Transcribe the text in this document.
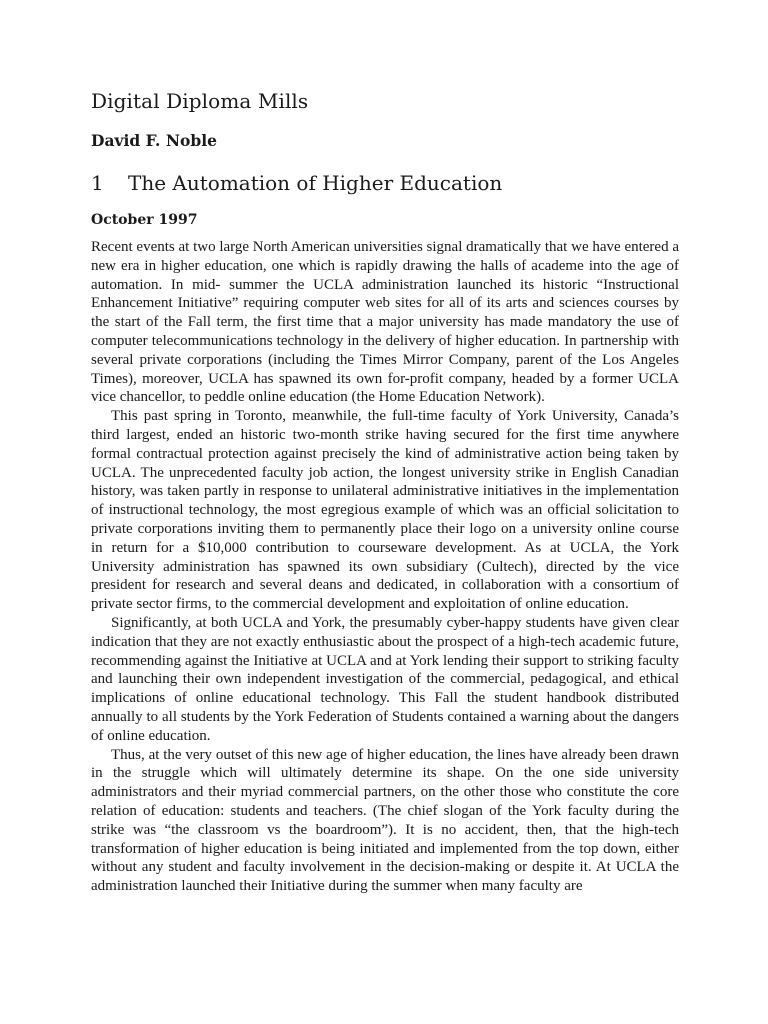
Digital Diploma Mills
David F. Noble
1	The Automation of Higher Education
October 1997

Recent events at two large North American universities signal dramatically that we have entered a new era in higher education, one which is rapidly drawing the halls of academe into the age of automation. In mid- summer the UCLA administration launched its historic “Instructional Enhancement Initiative” requiring computer web sites for all of its arts and sciences courses by the start of the Fall term, the first time that a major university has made mandatory the use of computer telecommunications technology in the delivery of higher education. In partnership with several private corporations (including the Times Mirror Company, parent of the Los Angeles Times), moreover, UCLA has spawned its own for-profit company, headed by a former UCLA vice chancellor, to peddle online education (the Home Education Network).

This past spring in Toronto, meanwhile, the full-time faculty of York University, Canada’s third largest, ended an historic two-month strike having secured for the first time anywhere formal contractual protection against precisely the kind of administrative action being taken by UCLA. The unprecedented faculty job action, the longest university strike in English Canadian history, was taken partly in response to unilateral administrative initiatives in the implementation of instructional technology, the most egregious example of which was an official solicitation to private corporations inviting them to permanently place their logo on a university online course in return for a $10,000 contribution to courseware development. As at UCLA, the York University administration has spawned its own subsidiary (Cultech), directed by the vice president for research and several deans and dedicated, in collaboration with a consortium of private sector firms, to the commercial development and exploitation of online education.

Significantly, at both UCLA and York, the presumably cyber-happy students have given clear indication that they are not exactly enthusiastic about the prospect of a high-tech academic future, recommending against the Initiative at UCLA and at York lending their support to striking faculty and launching their own independent investigation of the commercial, pedagogical, and ethical implications of online educational technology. This Fall the student handbook distributed annually to all students by the York Federation of Students contained a warning about the dangers of online education.

Thus, at the very outset of this new age of higher education, the lines have already been drawn in the struggle which will ultimately determine its shape. On the one side university administrators and their myriad commercial partners, on the other those who constitute the core relation of education: students and teachers. (The chief slogan of the York faculty during the strike was “the classroom vs the boardroom”). It is no accident, then, that the high-tech transformation of higher education is being initiated and implemented from the top down, either without any student and faculty involvement in the decision-making or despite it. At UCLA the administration launched their Initiative during the summer when many faculty are
